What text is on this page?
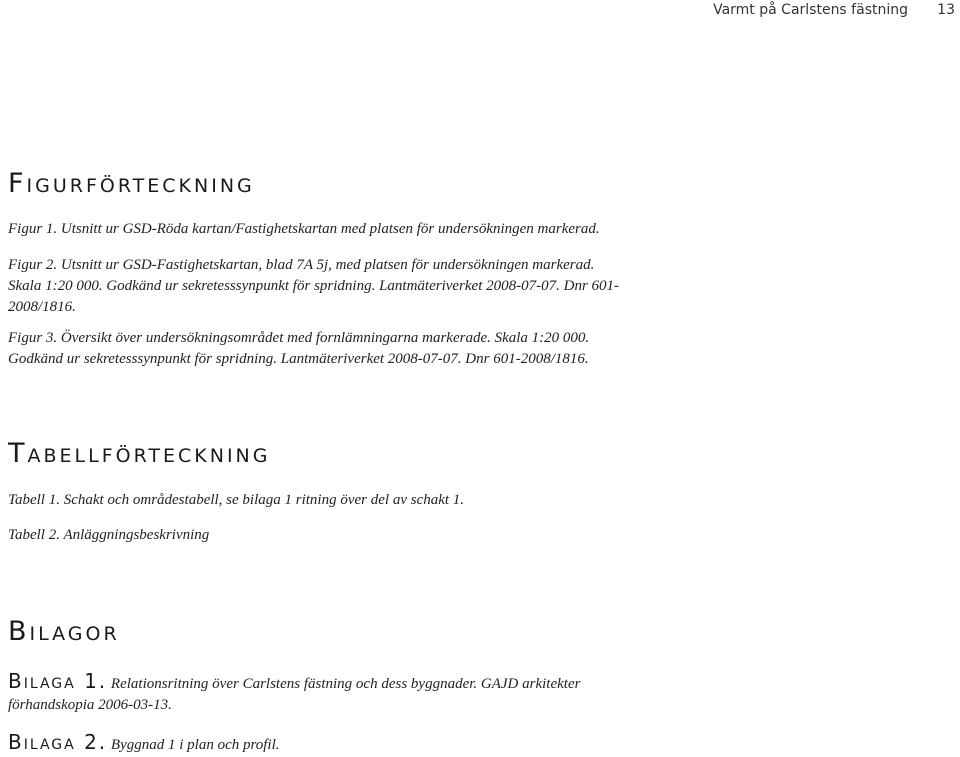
Varmt på Carlstens fästning 13
Figurförteckning

Figur 1. Utsnitt ur GSD-Röda kartan/Fastighetskartan med platsen för undersökningen markerad.

Figur 2. Utsnitt ur GSD-Fastighetskartan, blad 7A 5j, med platsen för undersökningen markerad. Skala 1:20 000. Godkänd ur sekretesssynpunkt för spridning. Lantmäteriverket 2008-07-07. Dnr 601-2008/1816.

Figur 3. Översikt över undersökningsområdet med fornlämningarna markerade. Skala 1:20 000. Godkänd ur sekretesssynpunkt för spridning. Lantmäteriverket 2008-07-07. Dnr 601-2008/1816.

Tabellförteckning

Tabell 1. Schakt och områdestabell, se bilaga 1 ritning över del av schakt 1.

Tabell 2. Anläggningsbeskrivning

Bilagor

Bilaga 1. Relationsritning över Carlstens fästning och dess byggnader. GAJD arkitekter förhandskopia 2006-03-13.

Bilaga 2. Byggnad 1 i plan och profil.
